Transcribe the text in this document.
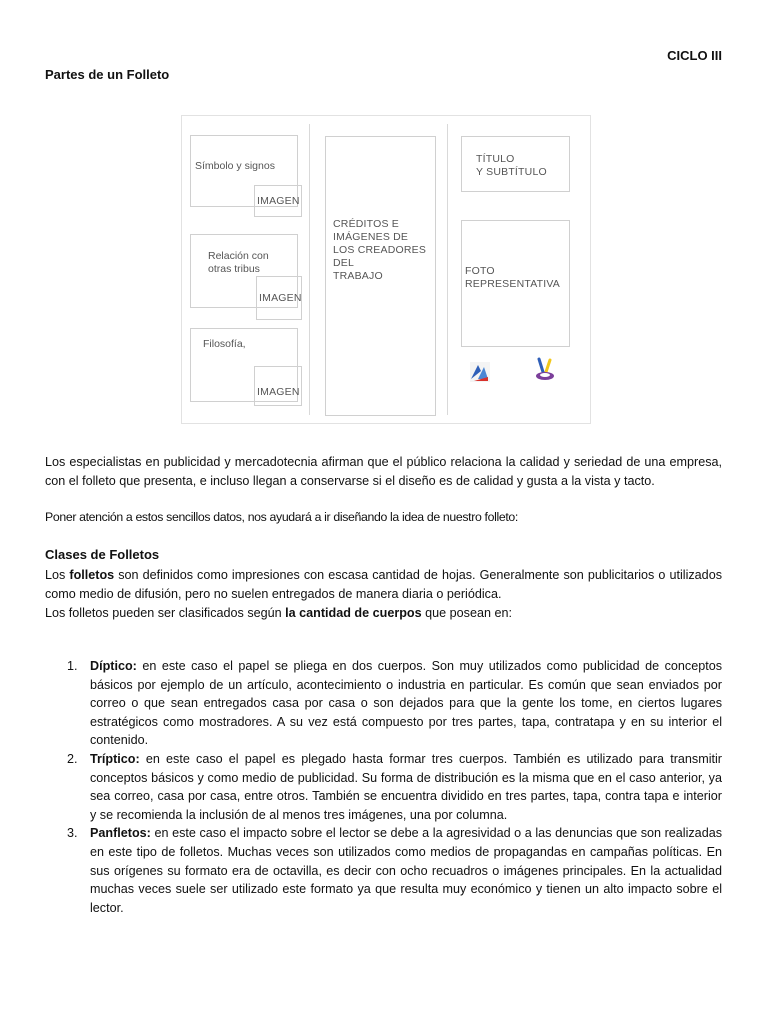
CICLO III
Partes de un Folleto
Símbolo y signos
IMAGEN
Relación con
otras tribus
IMAGEN
Filosofía,
IMAGEN
CRÉDITOS E
IMÁGENES DE
LOS CREADORES
DEL
TRABAJO
TÍTULO
Y SUBTÍTULO
FOTO
REPRESENTATIVA

Los especialistas en publicidad y mercadotecnia afirman que el público relaciona la calidad y seriedad de una empresa, con el folleto que presenta, e incluso llegan a conservarse si el diseño es de calidad y gusta a la vista y tacto.

Poner atención a estos sencillos datos, nos ayudará a ir diseñando la idea de nuestro folleto:

Clases de Folletos

Los folletos son definidos como impresiones con escasa cantidad de hojas. Generalmente son publicitarios o utilizados como medio de difusión, pero no suelen entregados de manera diaria o periódica.

Los folletos pueden ser clasificados según la cantidad de cuerpos que posean en:

1. Díptico: en este caso el papel se pliega en dos cuerpos. Son muy utilizados como publicidad de conceptos básicos por ejemplo de un artículo, acontecimiento o industria en particular. Es común que sean enviados por correo o que sean entregados casa por casa o son dejados para que la gente los tome, en ciertos lugares estratégicos como mostradores. A su vez está compuesto por tres partes, tapa, contratapa y en su interior el contenido.
2. Tríptico: en este caso el papel es plegado hasta formar tres cuerpos. También es utilizado para transmitir conceptos básicos y como medio de publicidad. Su forma de distribución es la misma que en el caso anterior, ya sea correo, casa por casa, entre otros. También se encuentra dividido en tres partes, tapa, contra tapa e interior y se recomienda la inclusión de al menos tres imágenes, una por columna.
3. Panfletos: en este caso el impacto sobre el lector se debe a la agresividad o a las denuncias que son realizadas en este tipo de folletos. Muchas veces son utilizados como medios de propagandas en campañas políticas. En sus orígenes su formato era de octavilla, es decir con ocho recuadros o imágenes principales. En la actualidad muchas veces suele ser utilizado este formato ya que resulta muy económico y tienen un alto impacto sobre el lector.
